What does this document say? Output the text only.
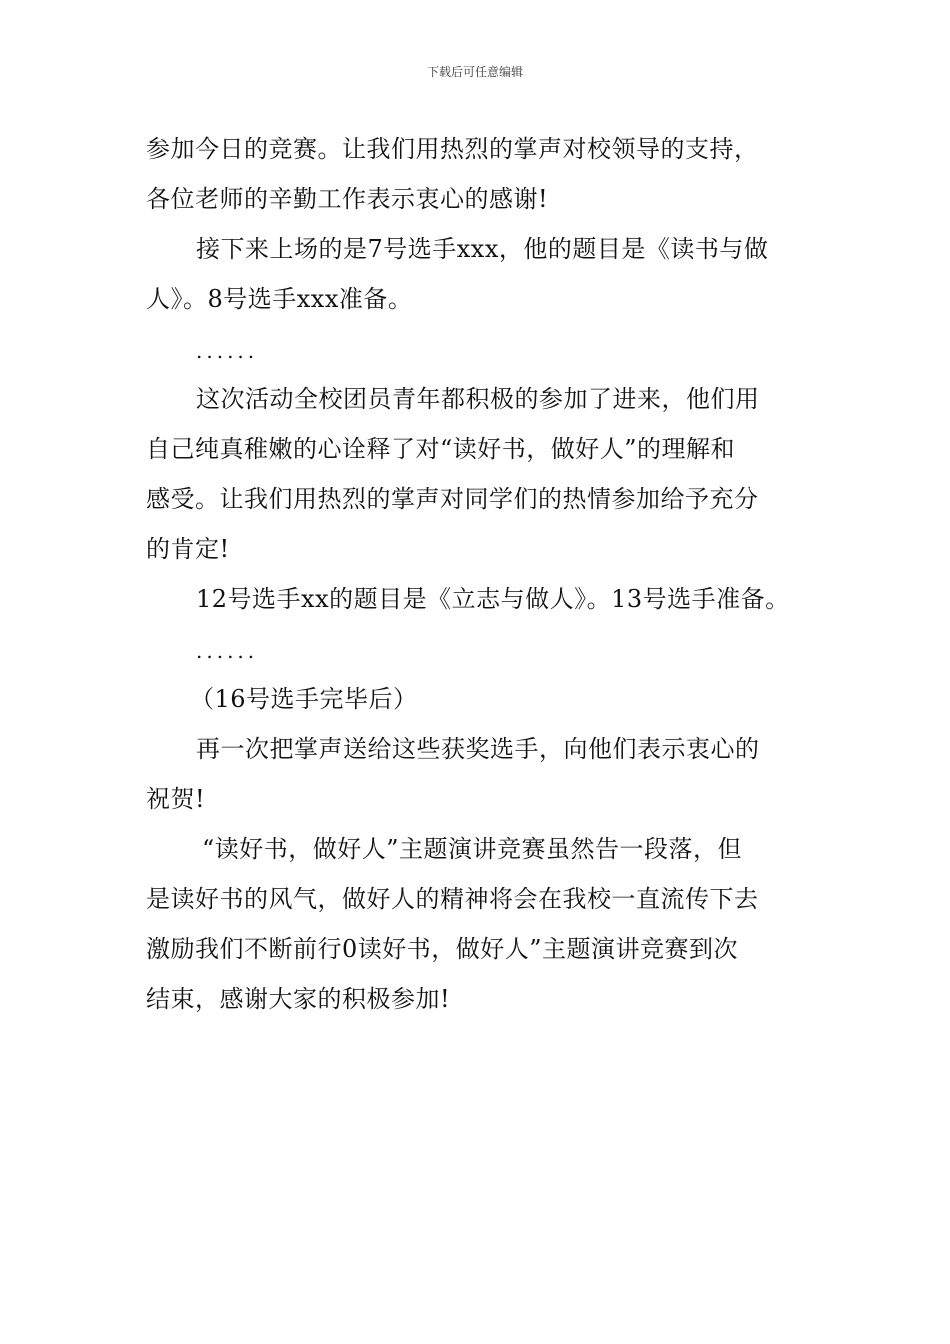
下载后可任意编辑
参加今日的竞赛。让我们用热烈的掌声对校领导的支持，
各位老师的辛勤工作表示衷心的感谢!
接下来上场的是7号选手xxx，他的题目是《读书与做
人》。8号选手xxx准备。
......
这次活动全校团员青年都积极的参加了进来，他们用
自己纯真稚嫩的心诠释了对“读好书，做好人”的理解和
感受。让我们用热烈的掌声对同学们的热情参加给予充分
的肯定!
12号选手xx的题目是《立志与做人》。13号选手准备。
......
（16号选手完毕后）
再一次把掌声送给这些获奖选手，向他们表示衷心的
祝贺!
“读好书，做好人”主题演讲竞赛虽然告一段落，但
是读好书的风气，做好人的精神将会在我校一直流传下去
激励我们不断前行0读好书，做好人”主题演讲竞赛到次
结束，感谢大家的积极参加!
